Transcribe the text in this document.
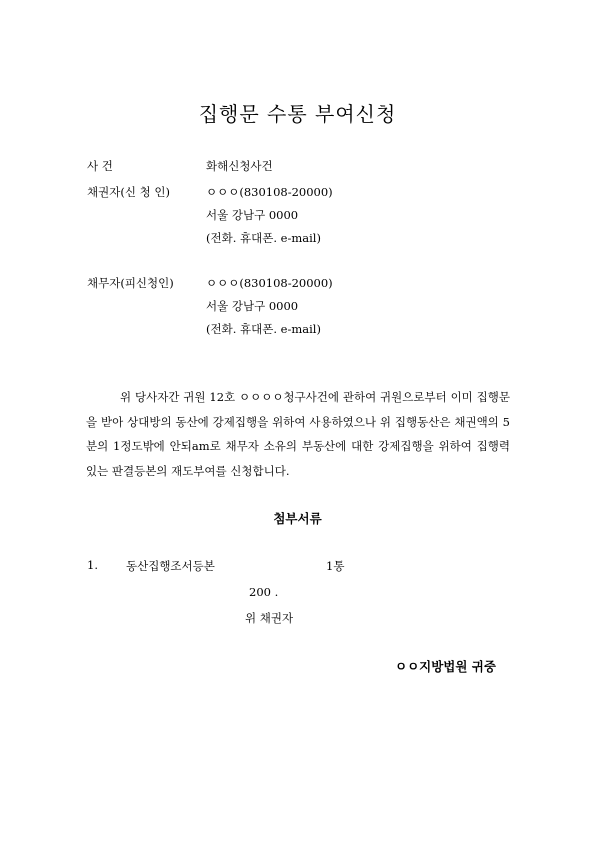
집행문 수통 부여신청
사 건	화해신청사건
채권자(신 청 인)	ㅇㅇㅇ(830108-20000)
서울 강남구 0000
(전화. 휴대폰. e-mail)
채무자(피신청인)	ㅇㅇㅇ(830108-20000)
서울 강남구 0000
(전화. 휴대폰. e-mail)
위 당사자간 귀원 12호 ㅇㅇㅇㅇ청구사건에 관하여 귀원으로부터 이미 집행문을 받아 상대방의 동산에 강제집행을 위하여 사용하였으나 위 집행동산은 채권액의 5분의 1정도밖에 안되am로 채무자 소유의 부동산에 대한 강제집행을 위하여 집행력있는 판결등본의 재도부여를 신청합니다.
첨부서류
1. 동산집행조서등본	1통
200 .
위 채권자
ㅇㅇ지방법원 귀중
